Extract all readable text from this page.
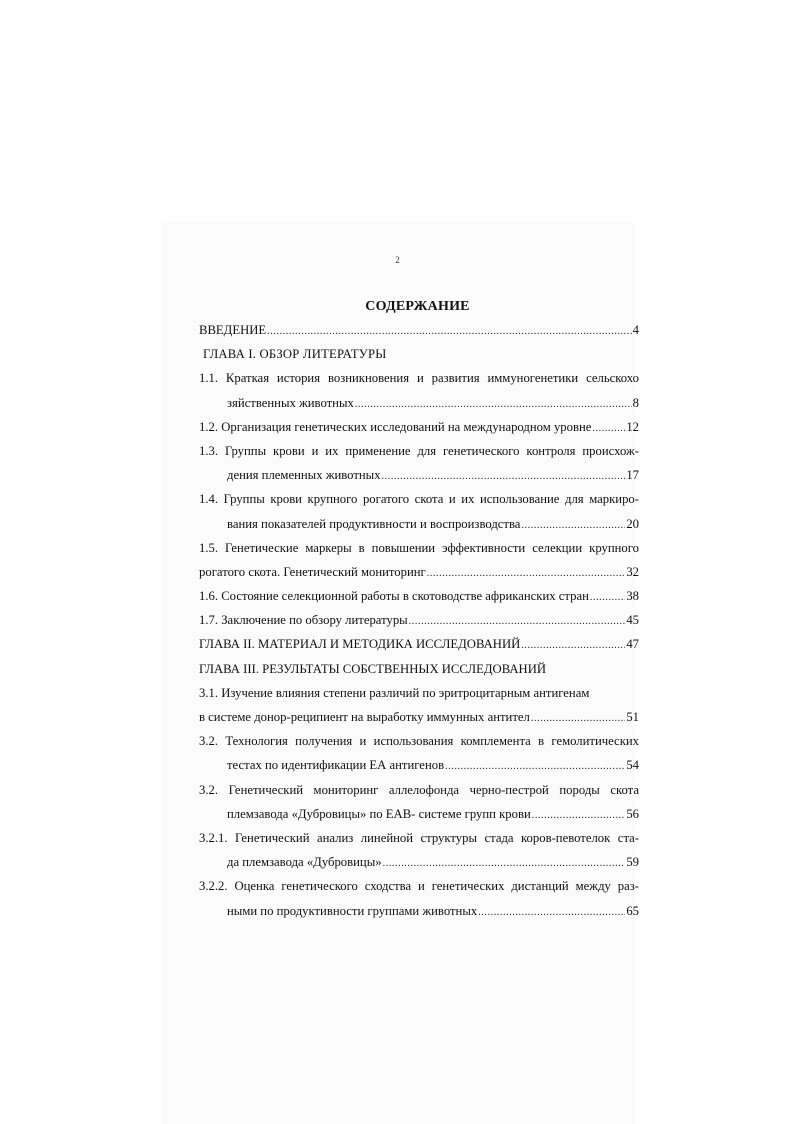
2
СОДЕРЖАНИЕ
ВВЕДЕНИЕ .....	4
ГЛАВА I. ОБЗОР ЛИТЕРАТУРЫ
1.1. Краткая история возникновения и развития иммуногенетики сельскохо
зяйственных животных .....	8
1.2. Организация генетических исследований на международном уровне .....	12
1.3. Группы крови и их применение для генетического контроля происхож-
дения племенных животных .....	17
1.4. Группы крови крупного рогатого скота и их использование для маркиро-
вания показателей продуктивности и воспроизводства .....	20
1.5. Генетические маркеры в повышении эффективности селекции крупного
рогатого скота. Генетический мониторинг .....	32
1.6. Состояние селекционной работы в скотоводстве африканских стран .....	38
1.7. Заключение по обзору литературы .....	45
ГЛАВА II. МАТЕРИАЛ И МЕТОДИКА ИССЛЕДОВАНИЙ .....	47
ГЛАВА III. РЕЗУЛЬТАТЫ СОБСТВЕННЫХ ИССЛЕДОВАНИЙ
3.1. Изучение влияния степени различий по эритроцитарным антигенам
в системе донор-реципиент на выработку иммунных антител .....	51
3.2. Технология получения и использования комплемента в гемолитических
тестах по идентификации ЕА антигенов .....	54
3.2. Генетический мониторинг аллелофонда черно-пестрой породы скота
племзавода «Дубровицы» по ЕАВ- системе групп крови .....	56
3.2.1. Генетический анализ линейной структуры стада коров-певотелок ста-
да племзавода «Дубровицы» .....	59
3.2.2. Оценка генетического сходства и генетических дистанций между раз-
ными по продуктивности группами животных .....	65
